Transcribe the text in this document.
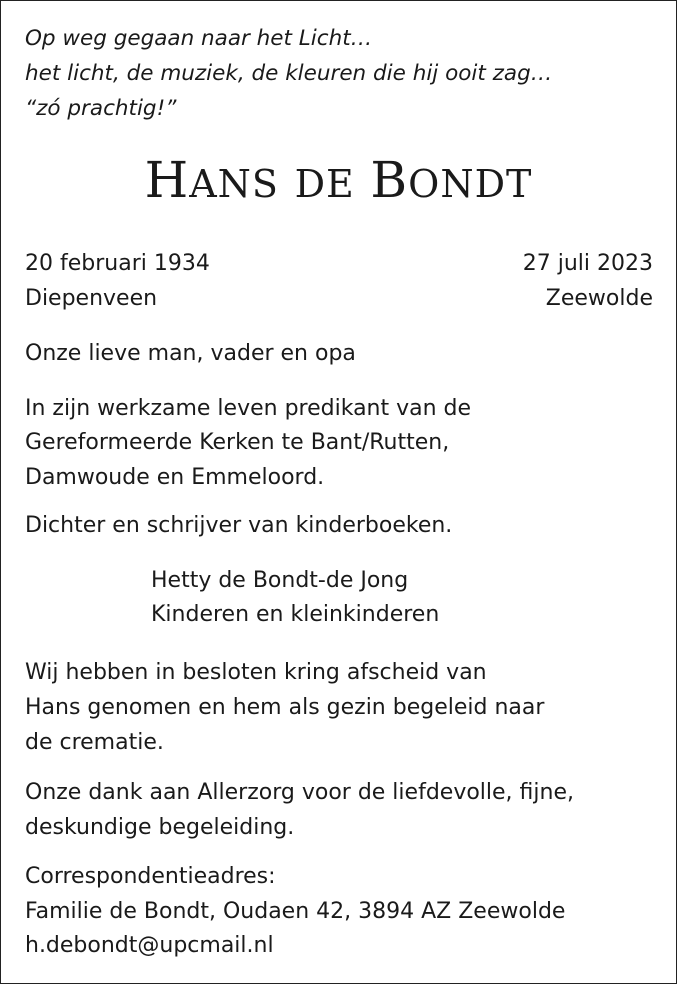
Op weg gegaan naar het Licht…
het licht, de muziek, de kleuren die hij ooit zag…
“zó prachtig!”
HANS DE BONDT
20 februari 1934
Diepenveen
27 juli 2023
Zeewolde
Onze lieve man, vader en opa
In zijn werkzame leven predikant van de
Gereformeerde Kerken te Bant/Rutten,
Damwoude en Emmeloord.
Dichter en schrijver van kinderboeken.
Hetty de Bondt-de Jong
Kinderen en kleinkinderen
Wij hebben in besloten kring afscheid van
Hans genomen en hem als gezin begeleid naar
de crematie.
Onze dank aan Allerzorg voor de liefdevolle, fijne,
deskundige begeleiding.
Correspondentieadres:
Familie de Bondt, Oudaen 42, 3894 AZ Zeewolde
h.debondt@upcmail.nl
